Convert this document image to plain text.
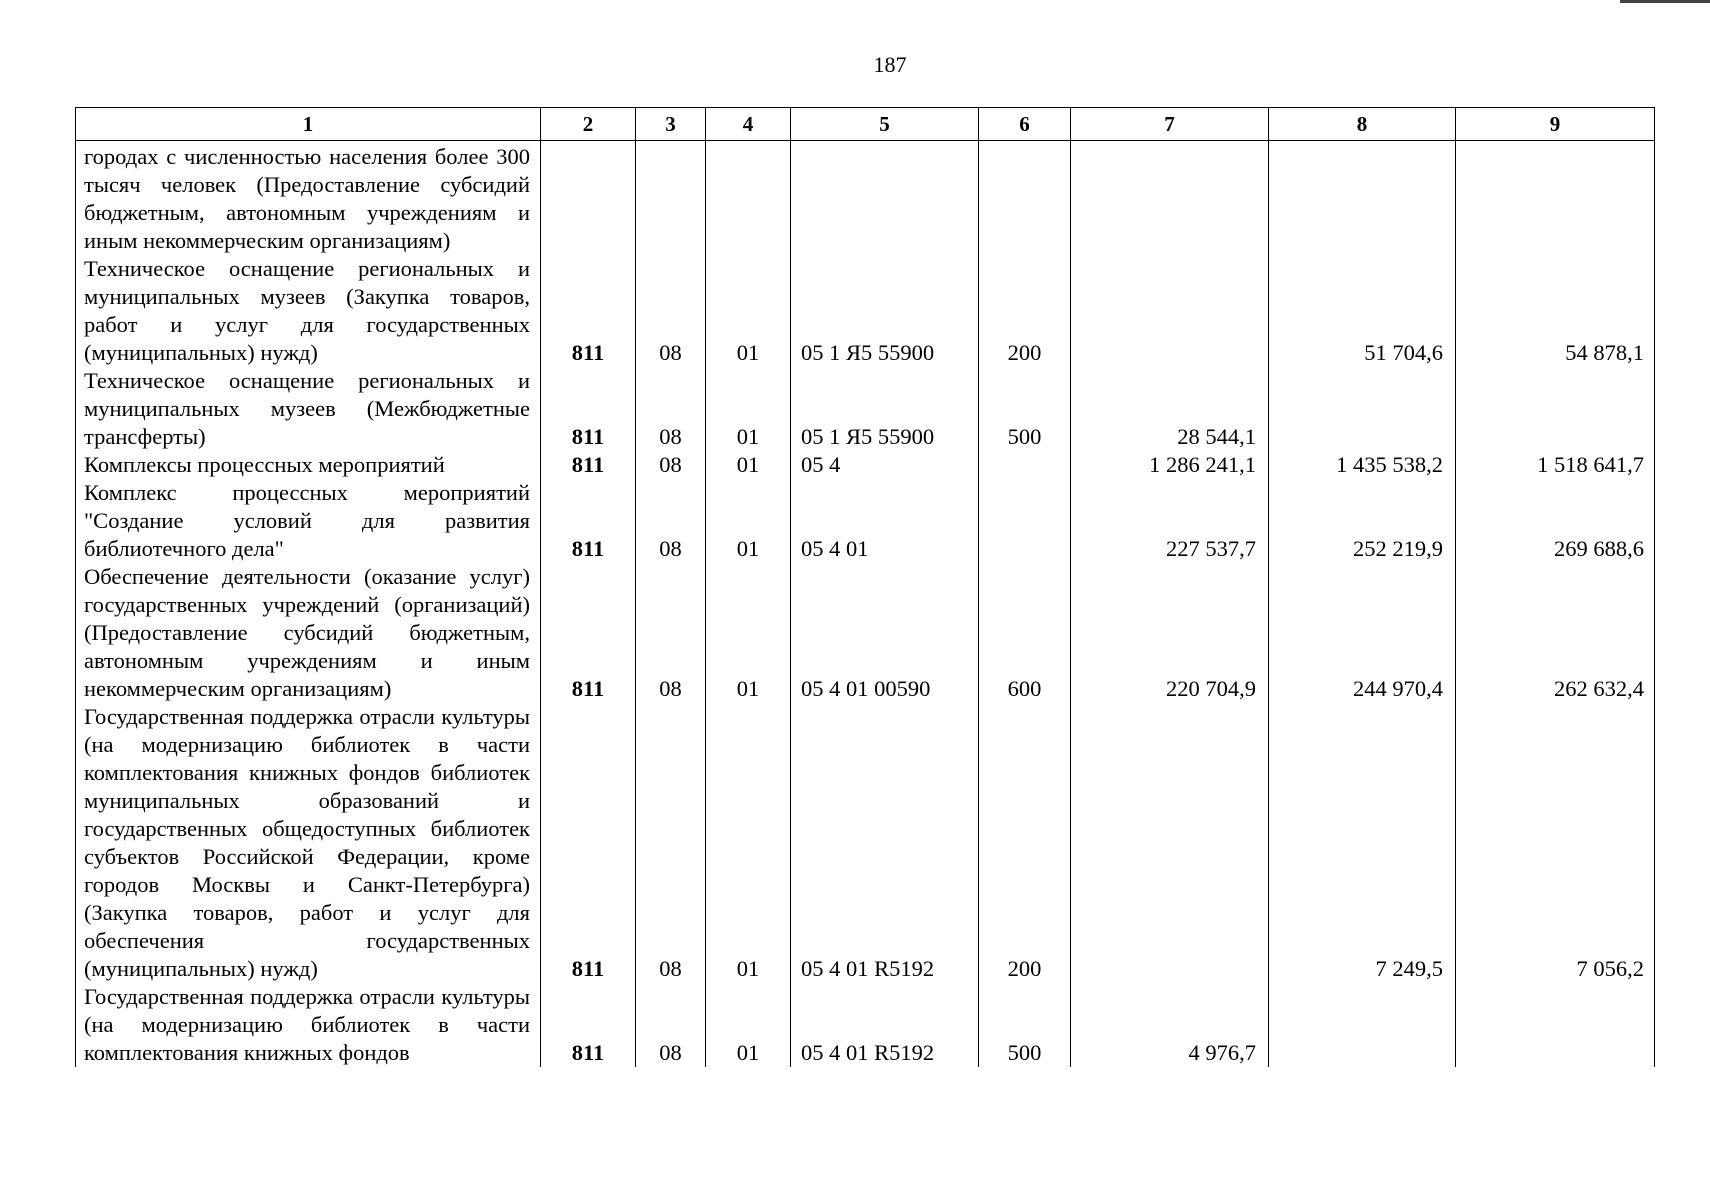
187
1	2	3	4	5	6	7	8	9
городах с численностью населения более 300 тысяч человек (Предоставление субсидий бюджетным, автономным учреждениям и иным некоммерческим организациям)								
Техническое оснащение региональных и муниципальных музеев (Закупка товаров, работ и услуг для государственных (муниципальных) нужд)	811	08	01	05 1 Я5 55900	200		51 704,6	54 878,1
Техническое оснащение региональных и муниципальных музеев (Межбюджетные трансферты)	811	08	01	05 1 Я5 55900	500	28 544,1		
Комплексы процессных мероприятий	811	08	01	05 4		1 286 241,1	1 435 538,2	1 518 641,7
Комплекс процессных мероприятий "Создание условий для развития библиотечного дела"	811	08	01	05 4 01		227 537,7	252 219,9	269 688,6
Обеспечение деятельности (оказание услуг) государственных учреждений (организаций) (Предоставление субсидий бюджетным, автономным учреждениям и иным некоммерческим организациям)	811	08	01	05 4 01 00590	600	220 704,9	244 970,4	262 632,4
Государственная поддержка отрасли культуры (на модернизацию библиотек в части комплектования книжных фондов библиотек муниципальных образований и государственных общедоступных библиотек субъектов Российской Федерации, кроме городов Москвы и Санкт-Петербурга) (Закупка товаров, работ и услуг для обеспечения государственных (муниципальных) нужд)	811	08	01	05 4 01 R5192	200		7 249,5	7 056,2
Государственная поддержка отрасли культуры (на модернизацию библиотек в части комплектования книжных фондов	811	08	01	05 4 01 R5192	500	4 976,7		
